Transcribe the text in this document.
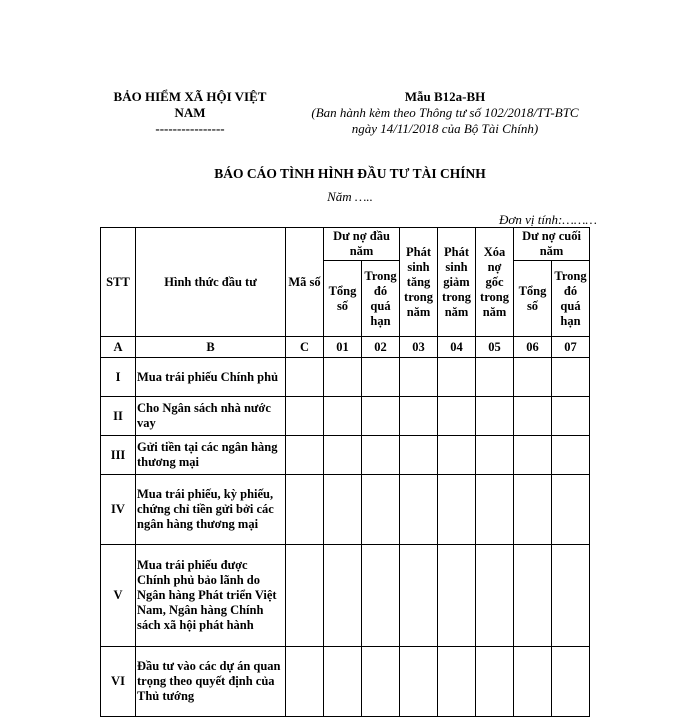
BẢO HIỂM XÃ HỘI VIỆT NAM
----------------
Mẫu B12a-BH
(Ban hành kèm theo Thông tư số 102/2018/TT-BTC
ngày 14/11/2018 của Bộ Tài Chính)
BÁO CÁO TÌNH HÌNH ĐẦU TƯ TÀI CHÍNH
Năm …..
Đơn vị tính:………
STT	Hình thức đầu tư	Mã số	Dư nợ đầu năm		Phát sinh tăng trong năm	Phát sinh giảm trong năm	Xóa nợ gốc trong năm	Dư nợ cuối năm	
			Tổng số	Trong đó quá hạn				Tổng số	Trong đó quá hạn
A	B	C	01	02	03	04	05	06	07
I	Mua trái phiếu Chính phủ								
II	Cho Ngân sách nhà nước vay								
III	Gửi tiền tại các ngân hàng thương mại								
IV	Mua trái phiếu, kỳ phiếu, chứng chỉ tiền gửi bởi các ngân hàng thương mại								
V	Mua trái phiếu được Chính phủ bảo lãnh do Ngân hàng Phát triển Việt Nam, Ngân hàng Chính sách xã hội phát hành								
VI	Đầu tư vào các dự án quan trọng theo quyết định của Thủ tướng								
